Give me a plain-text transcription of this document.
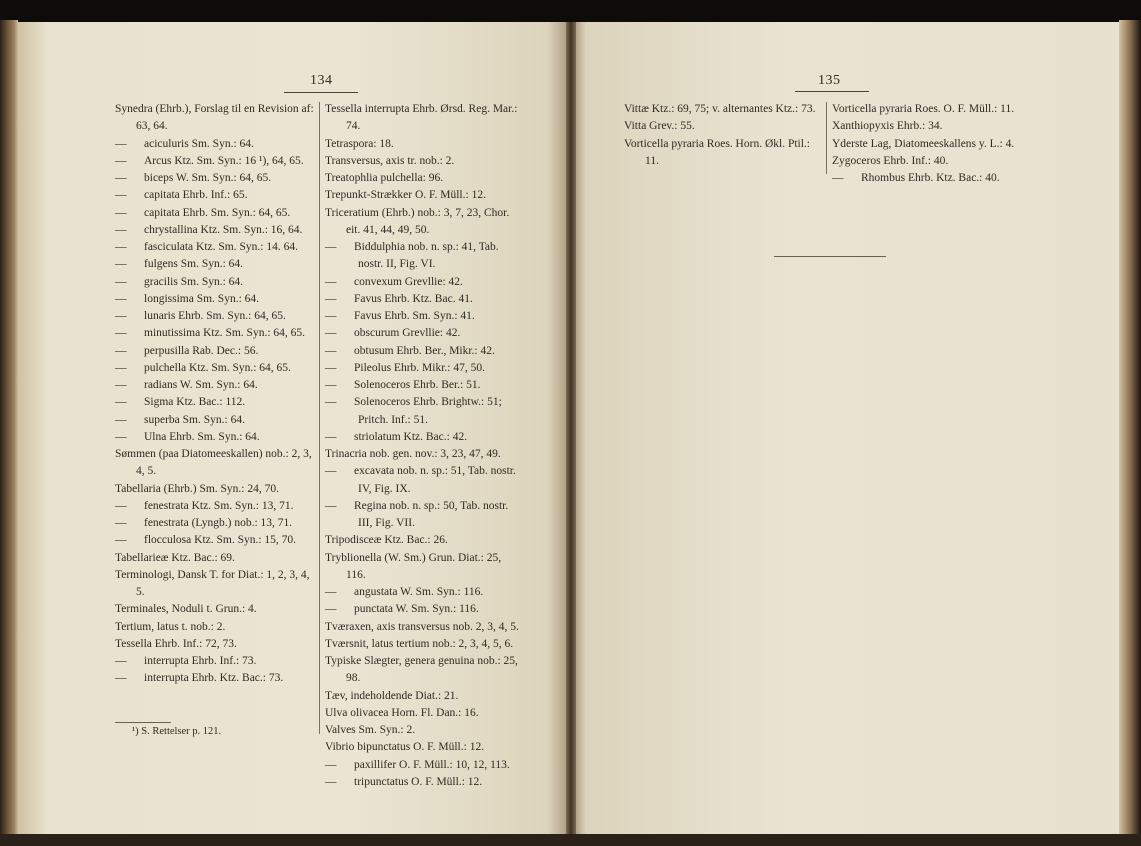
134
Synedra (Ehrb.), Forslag til en Revision af: 63, 64.
— aciculuris Sm. Syn.: 64.
— Arcus Ktz. Sm. Syn.: 16 ¹), 64, 65.
— biceps W. Sm. Syn.: 64, 65.
— capitata Ehrb. Inf.: 65.
— capitata Ehrb. Sm. Syn.: 64, 65.
— chrystallina Ktz. Sm. Syn.: 16, 64.
— fasciculata Ktz. Sm. Syn.: 14. 64.
— fulgens Sm. Syn.: 64.
— gracilis Sm. Syn.: 64.
— longissima Sm. Syn.: 64.
— lunaris Ehrb. Sm. Syn.: 64, 65.
— minutissima Ktz. Sm. Syn.: 64, 65.
— perpusilla Rab. Dec.: 56.
— pulchella Ktz. Sm. Syn.: 64, 65.
— radians W. Sm. Syn.: 64.
— Sigma Ktz. Bac.: 112.
— superba Sm. Syn.: 64.
— Ulna Ehrb. Sm. Syn.: 64.
Sømmen (paa Diatomeeskallen) nob.: 2, 3, 4, 5.
Tabellaria (Ehrb.) Sm. Syn.: 24, 70.
— fenestrata Ktz. Sm. Syn.: 13, 71.
— fenestrata (Lyngb.) nob.: 13, 71.
— flocculosa Ktz. Sm. Syn.: 15, 70.
Tabellarieæ Ktz. Bac.: 69.
Terminologi, Dansk T. for Diat.: 1, 2, 3, 4, 5.
Terminales, Noduli t. Grun.: 4.
Tertium, latus t. nob.: 2.
Tessella Ehrb. Inf.: 72, 73.
— interrupta Ehrb. Inf.: 73.
— interrupta Ehrb. Ktz. Bac.: 73.
Tessella interrupta Ehrb. Ørsd. Reg. Mar.: 74.
Tetraspora: 18.
Transversus, axis tr. nob.: 2.
Treatophlia pulchella: 96.
Trepunkt-Strækker O. F. Müll.: 12.
Triceratium (Ehrb.) nob.: 3, 7, 23, Chor. eit. 41, 44, 49, 50.
— Biddulphia nob. n. sp.: 41, Tab. nostr. II, Fig. VI.
— convexum Grevllie: 42.
— Favus Ehrb. Ktz. Bac. 41.
— Favus Ehrb. Sm. Syn.: 41.
— obscurum Grevllie: 42.
— obtusum Ehrb. Ber., Mikr.: 42.
— Pileolus Ehrb. Mikr.: 47, 50.
— Solenoceros Ehrb. Ber.: 51.
— Solenoceros Ehrb. Brightw.: 51; Pritch. Inf.: 51.
— striolatum Ktz. Bac.: 42.
Trinacria nob. gen. nov.: 3, 23, 47, 49.
— excavata nob. n. sp.: 51, Tab. nostr. IV, Fig. IX.
— Regina nob. n. sp.: 50, Tab. nostr. III, Fig. VII.
Tripodisceæ Ktz. Bac.: 26.
Tryblionella (W. Sm.) Grun. Diat.: 25, 116.
— angustata W. Sm. Syn.: 116.
— punctata W. Sm. Syn.: 116.
Tværaxen, axis transversus nob. 2, 3, 4, 5.
Tværsnit, latus tertium nob.: 2, 3, 4, 5, 6.
Typiske Slægter, genera genuina nob.: 25, 98.
Tæv, indeholdende Diat.: 21.
Ulva olivacea Horn. Fl. Dan.: 16.
Valves Sm. Syn.: 2.
Vibrio bipunctatus O. F. Müll.: 12.
— paxillifer O. F. Müll.: 10, 12, 113.
— tripunctatus O. F. Müll.: 12.
¹) S. Rettelser p. 121.
135
Vittæ Ktz.: 69, 75; v. alternantes Ktz.: 73.
Vitta Grev.: 55.
Vorticella pyraria Roes. Horn. Økl. Ptil.: 11.
Vorticella pyraria Roes. O. F. Müll.: 11.
Xanthiopyxis Ehrb.: 34.
Yderste Lag, Diatomeeskallens y. L.: 4.
Zygoceros Ehrb. Inf.: 40.
— Rhombus Ehrb. Ktz. Bac.: 40.
